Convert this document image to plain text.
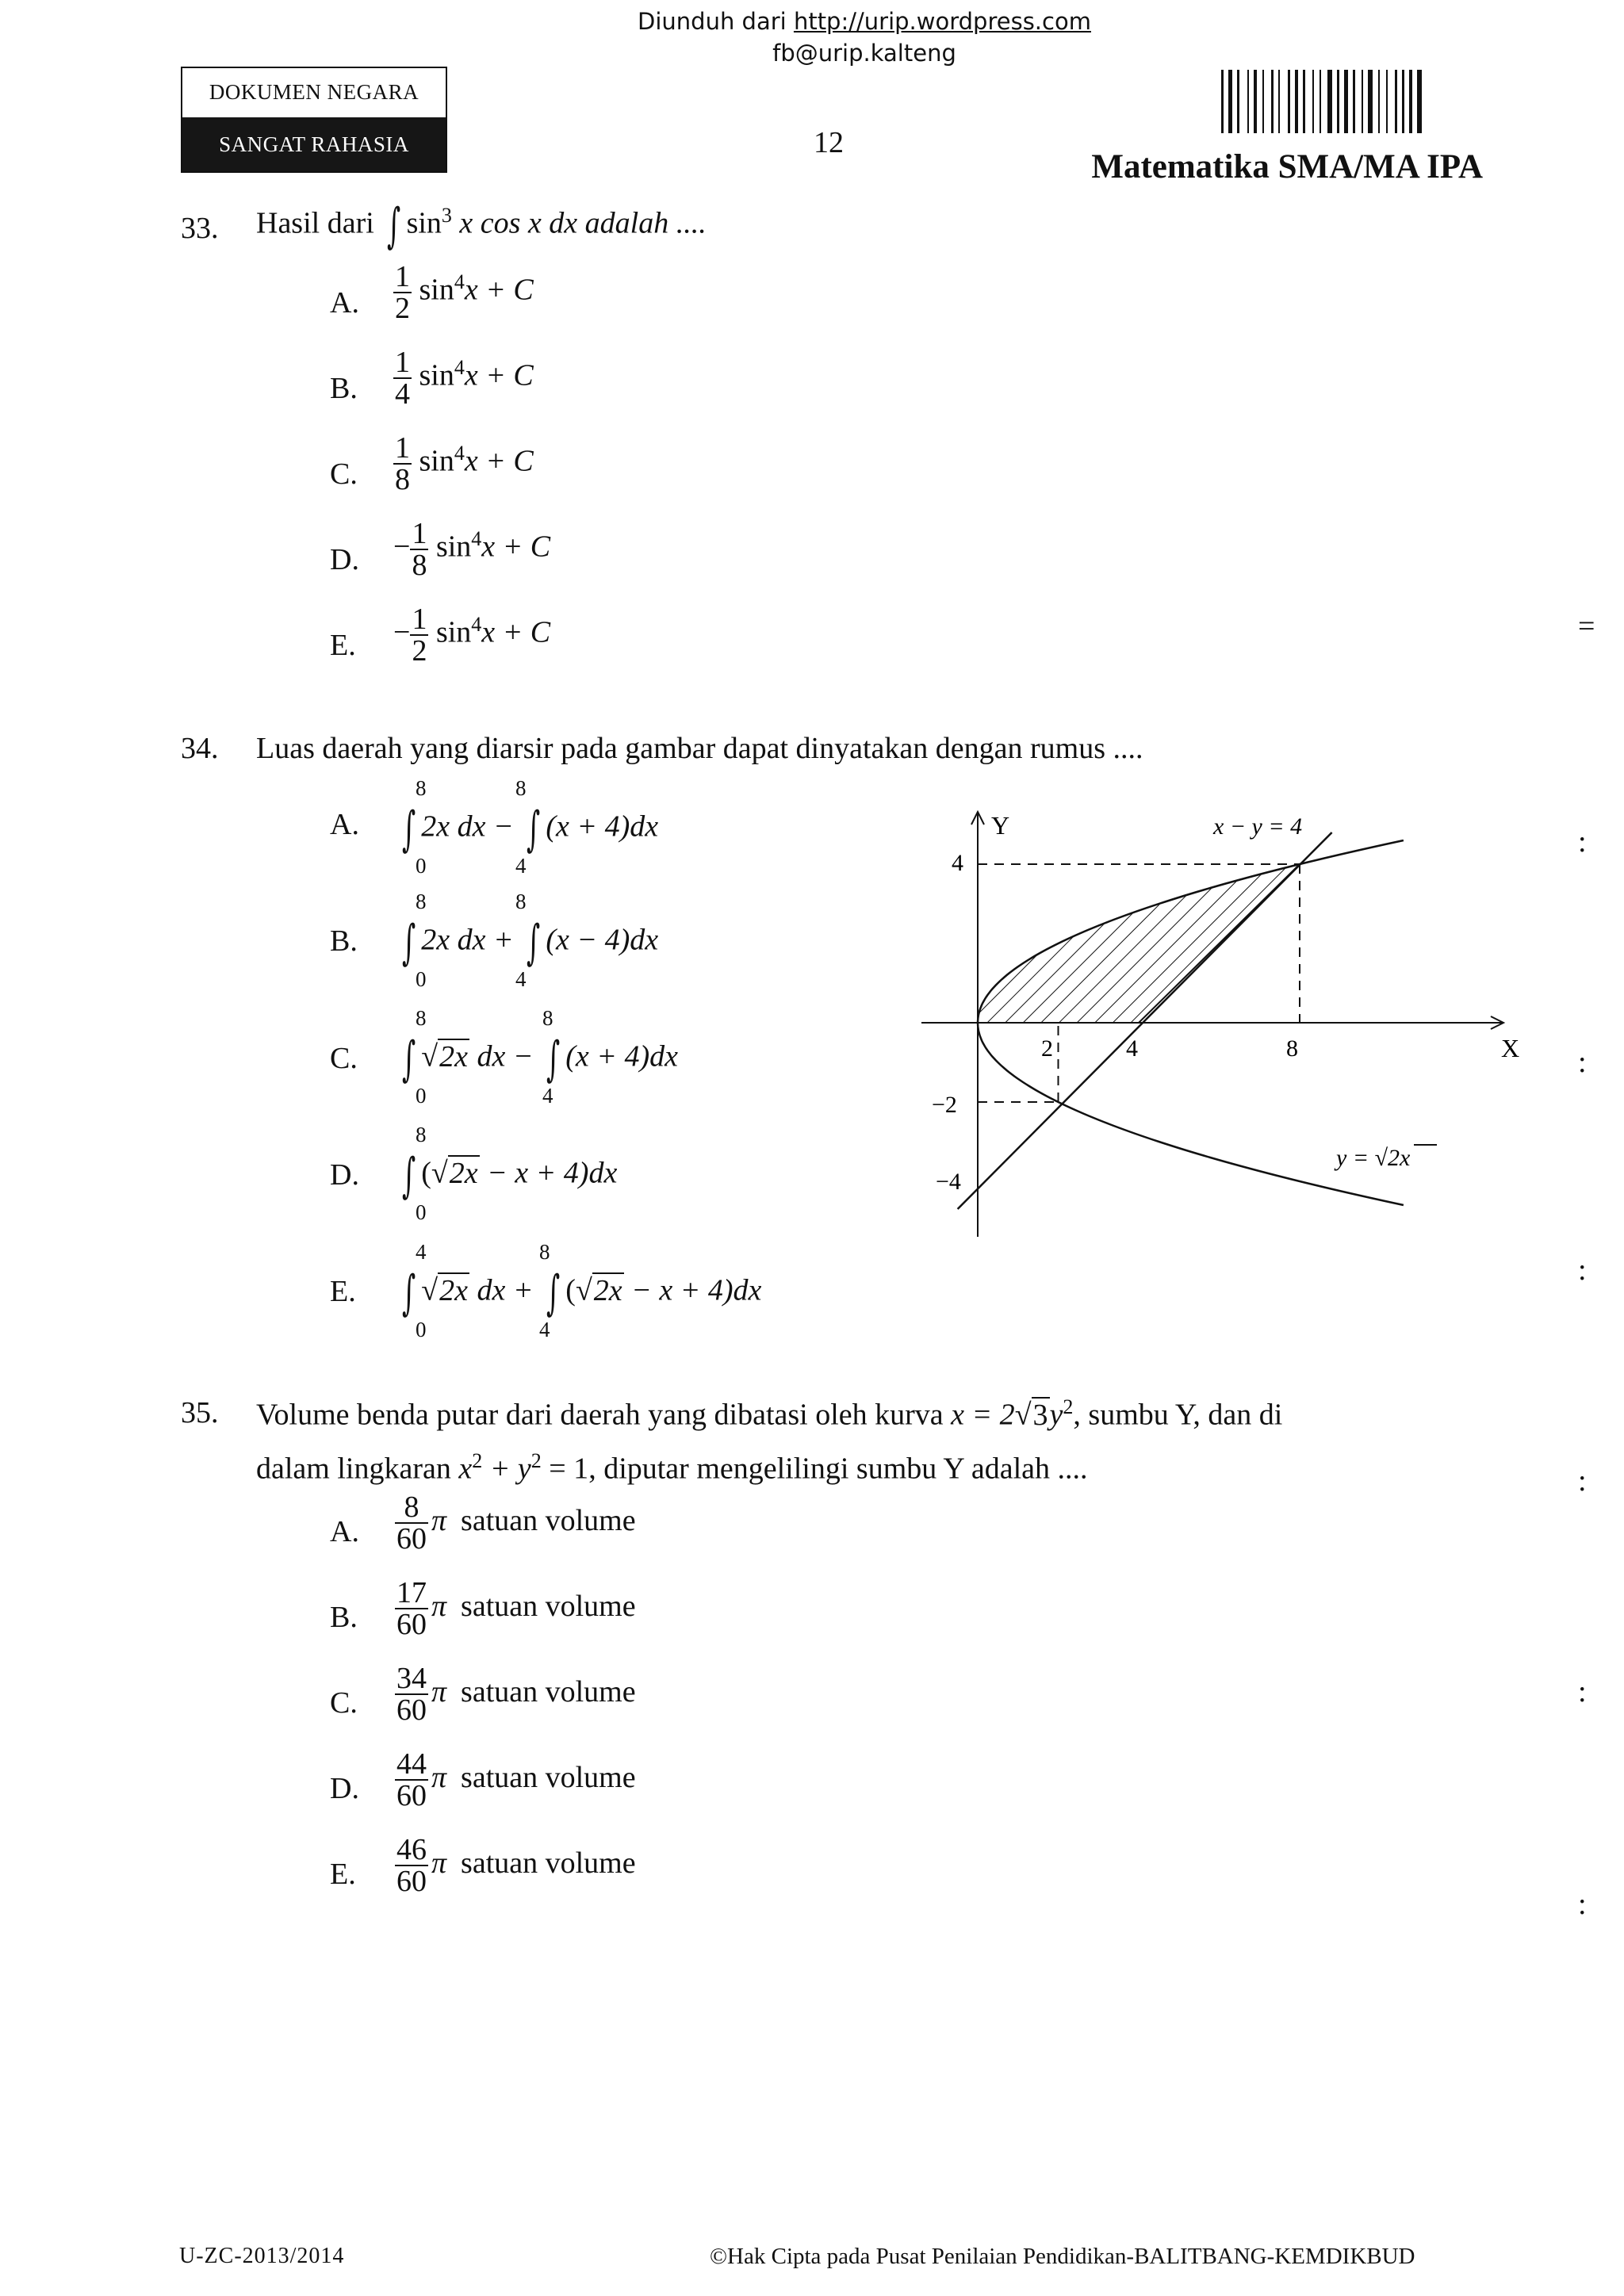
Diunduh dari http://urip.wordpress.com
fb@urip.kalteng
DOKUMEN NEGARA
SANGAT RAHASIA	12
Matematika SMA/MA IPA
33. Hasil dari ∫ $\sin^3 x$ cos x dx adalah ....
A. $\frac{1}{2} \sin^4x + C$
B. $\frac{1}{4} \sin^4x + C$
C. $\frac{1}{8} \sin^4x + C$
D. − $\frac{1}{8} \sin^4x + C$
E. − $\frac{1}{2} \sin^4x + C$
34. Luas daerah yang diarsir pada gambar dapat dinyatakan dengan rumus ....
A.
8
0
8
4
∫ 2x dx − ∫ (x + 4)dx
B.
8
0
8
4
∫ 2x dx + ∫ (x − 4)dx
C.
8
0
8
4
∫ √2x dx − ∫ (x + 4)dx
D.
8
0
∫ (√2x − x + 4)dx
E.
4
0
8
4
∫ √2x dx + ∫ (√2x − x + 4)dx
Y
X
x − y = 4
2	4	8
4
−2
−4
y = √2x
35. Volume benda putar dari daerah yang dibatasi oleh kurva $x = 2√3y^2$, sumbu Y, dan di
dalam lingkaran $x^2 + y^2 = 1$, diputar mengelilingi sumbu Y adalah ....
A. $\frac{8}{60}$ π satuan volume
B. $\frac{17}{60}$ π satuan volume
C. $\frac{34}{60}$ π satuan volume
D. $\frac{44}{60}$ π satuan volume
E. $\frac{46}{60}$ π satuan volume
=
:
:
:
:
:
:
U-ZC-2013/2014	©Hak Cipta pada Pusat Penilaian Pendidikan-BALITBANG-KEMDIKBUD
